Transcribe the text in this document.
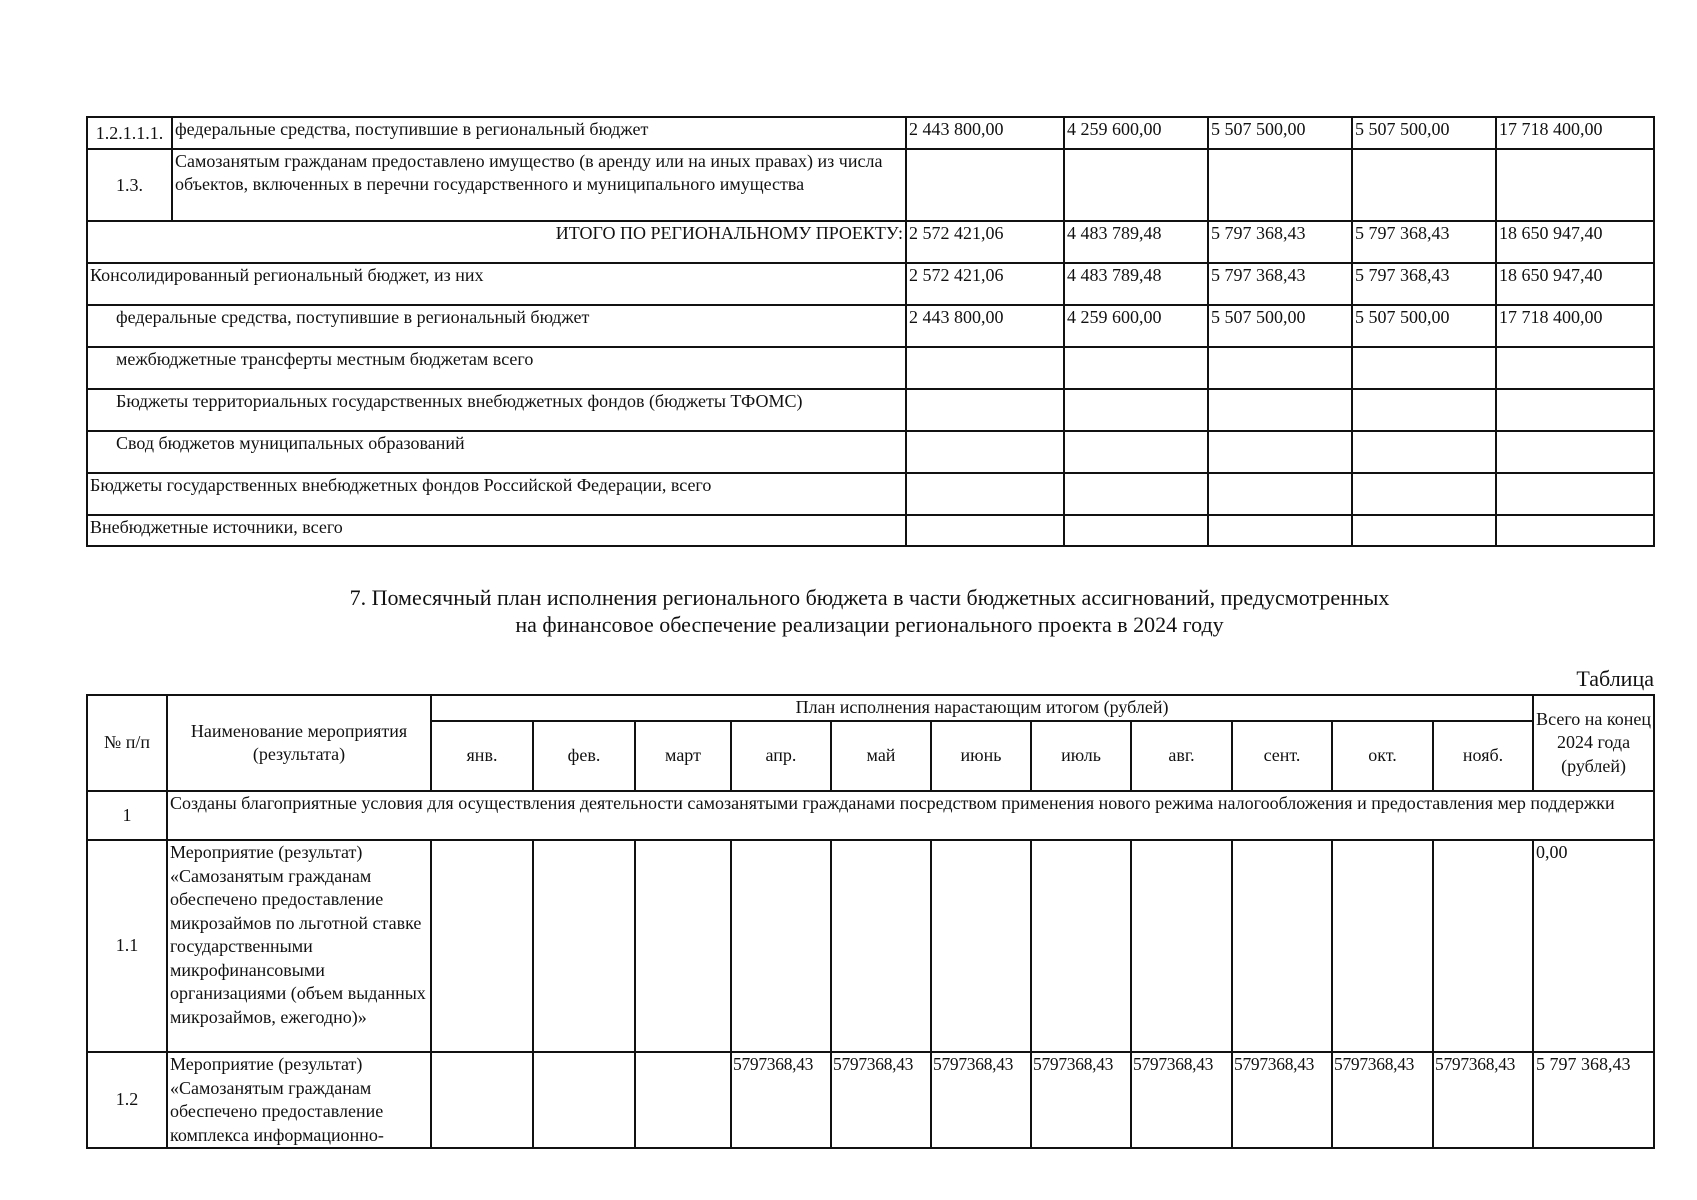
1.2.1.1.1.	федеральные средства, поступившие в региональный бюджет	2 443 800,00	4 259 600,00	5 507 500,00	5 507 500,00	17 718 400,00
1.3.	Самозанятым гражданам предоставлено имущество (в аренду или на иных правах) из числа объектов, включенных в перечни государственного и муниципального имущества					
ИТОГО ПО РЕГИОНАЛЬНОМУ ПРОЕКТУ:		2 572 421,06	4 483 789,48	5 797 368,43	5 797 368,43	18 650 947,40
Консолидированный региональный бюджет, из них		2 572 421,06	4 483 789,48	5 797 368,43	5 797 368,43	18 650 947,40
федеральные средства, поступившие в региональный бюджет		2 443 800,00	4 259 600,00	5 507 500,00	5 507 500,00	17 718 400,00
межбюджетные трансферты местным бюджетам всего						
Бюджеты территориальных государственных внебюджетных фондов (бюджеты ТФОМС)						
Свод бюджетов муниципальных образований						
Бюджеты государственных внебюджетных фондов Российской Федерации, всего						
Внебюджетные источники, всего						
7. Помесячный план исполнения регионального бюджета в части бюджетных ассигнований, предусмотренных
на финансовое обеспечение реализации регионального проекта в 2024 году
Таблица
№ п/п	Наименование мероприятия (результата)	План исполнения нарастающим итогом (рублей)											Всего на конец 2024 года (рублей)
		янв.	фев.	март	апр.	май	июнь	июль	авг.	сент.	окт.	нояб.	
1	Созданы благоприятные условия для осуществления деятельности самозанятыми гражданами посредством применения нового режима налогообложения и предоставления мер поддержки												
1.1	Мероприятие (результат) «Самозанятым гражданам обеспечено предоставление микрозаймов по льготной ставке государственными микрофинансовыми организациями (объем выданных микрозаймов, ежегодно)»												0,00
1.2	Мероприятие (результат) «Самозанятым гражданам обеспечено предоставление комплекса информационно-				5797368,43	5797368,43	5797368,43	5797368,43	5797368,43	5797368,43	5797368,43	5797368,43	5 797 368,43
